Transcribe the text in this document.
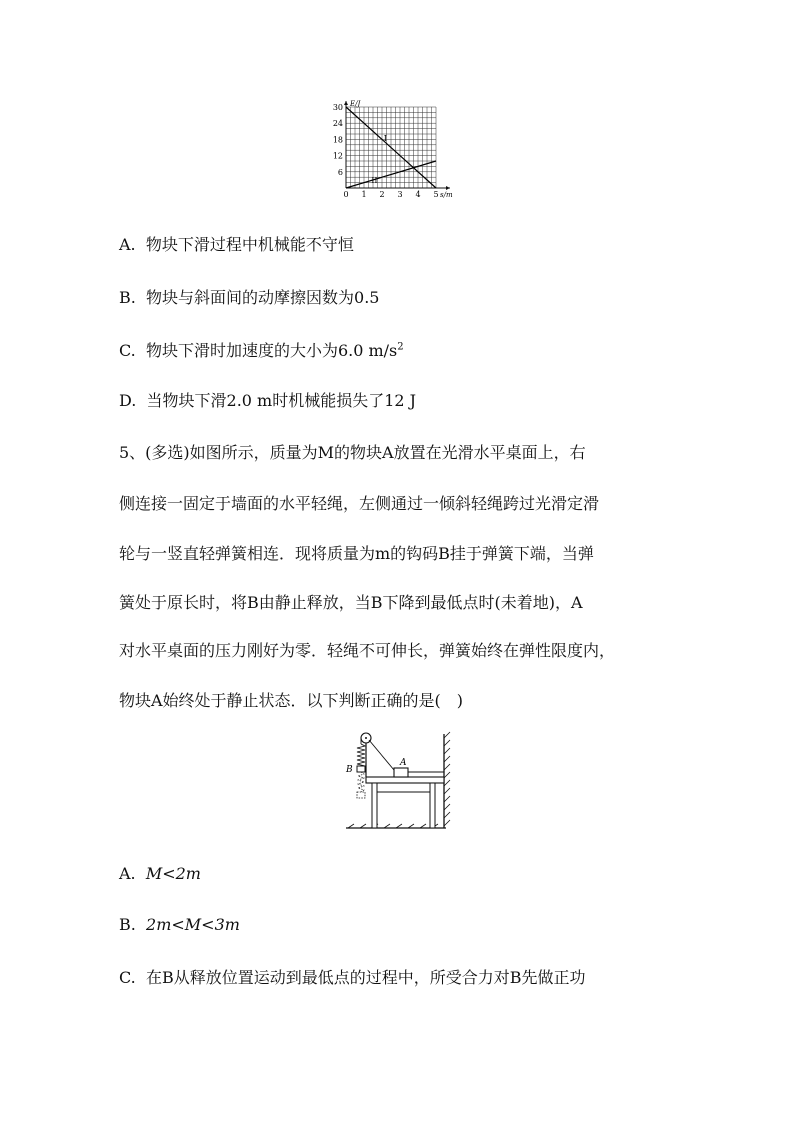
I
II
0 1 2 3 4 5
6
12
18
24
30 E/J
s/m
A. 物块下滑过程中机械能不守恒
B. 物块与斜面间的动摩擦因数为0.5
C. 物块下滑时加速度的大小为6.0 $m/s^2$
D. 当物块下滑2.0 m时机械能损失了12 J
5、(多选)如图所示，质量为M的物块A放置在光滑水平桌面上，右
侧连接一固定于墙面的水平轻绳，左侧通过一倾斜轻绳跨过光滑定滑
轮与一竖直轻弹簧相连．现将质量为m的钩码B挂于弹簧下端，当弹
簧处于原长时，将B由静止释放，当B下降到最低点时(未着地)，A
对水平桌面的压力刚好为零．轻绳不可伸长，弹簧始终在弹性限度内，
物块A始终处于静止状态．以下判断正确的是(　)
A
B
A. M<2m
B. 2m<M<3m
C. 在B从释放位置运动到最低点的过程中，所受合力对B先做正功
